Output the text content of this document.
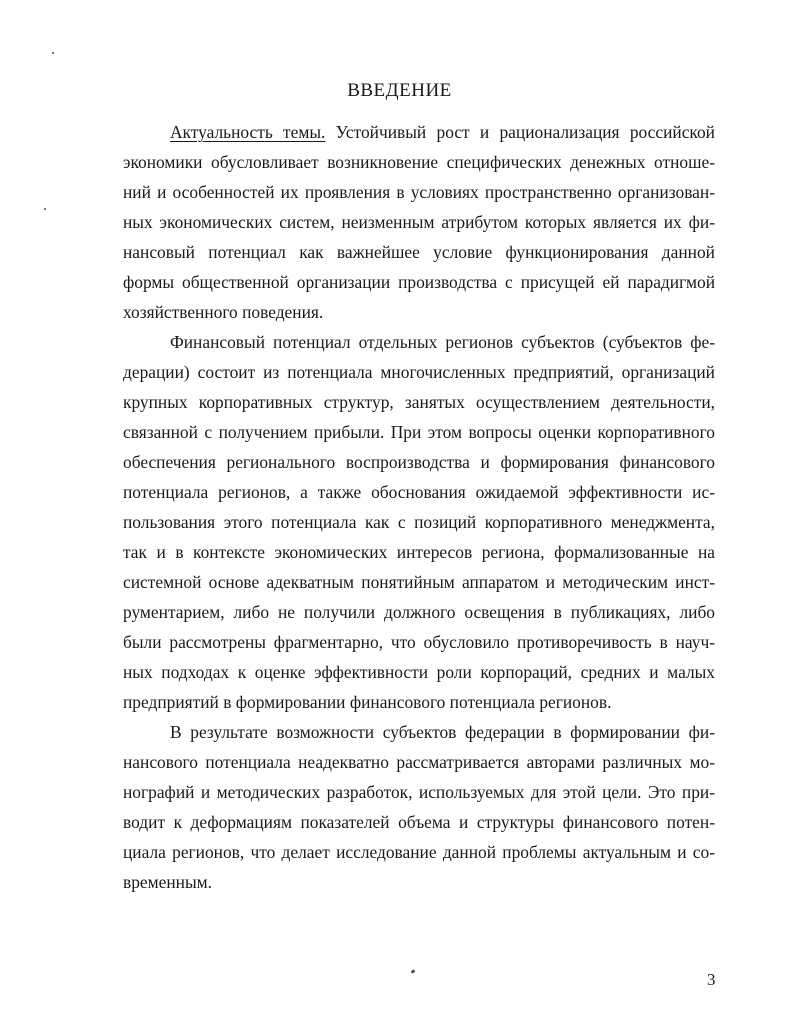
ВВЕДЕНИЕ
Актуальность темы. Устойчивый рост и рационализация российской
экономики обусловливает возникновение специфических денежных отноше-
ний и особенностей их проявления в условиях пространственно организован-
ных экономических систем, неизменным атрибутом которых является их фи-
нансовый потенциал как важнейшее условие функционирования данной
формы общественной организации производства с присущей ей парадигмой
хозяйственного поведения.
Финансовый потенциал отдельных регионов субъектов (субъектов фе-
дерации) состоит из потенциала многочисленных предприятий, организаций
крупных корпоративных структур, занятых осуществлением деятельности,
связанной с получением прибыли. При этом вопросы оценки корпоративного
обеспечения регионального воспроизводства и формирования финансового
потенциала регионов, а также обоснования ожидаемой эффективности ис-
пользования этого потенциала как с позиций корпоративного менеджмента,
так и в контексте экономических интересов региона, формализованные на
системной основе адекватным понятийным аппаратом и методическим инст-
рументарием, либо не получили должного освещения в публикациях, либо
были рассмотрены фрагментарно, что обусловило противоречивость в науч-
ных подходах к оценке эффективности роли корпораций, средних и малых
предприятий в формировании финансового потенциала регионов.
В результате возможности субъектов федерации в формировании фи-
нансового потенциала неадекватно рассматривается авторами различных мо-
нографий и методических разработок, используемых для этой цели. Это при-
водит к деформациям показателей объема и структуры финансового потен-
циала регионов, что делает исследование данной проблемы актуальным и со-
временным.
3
